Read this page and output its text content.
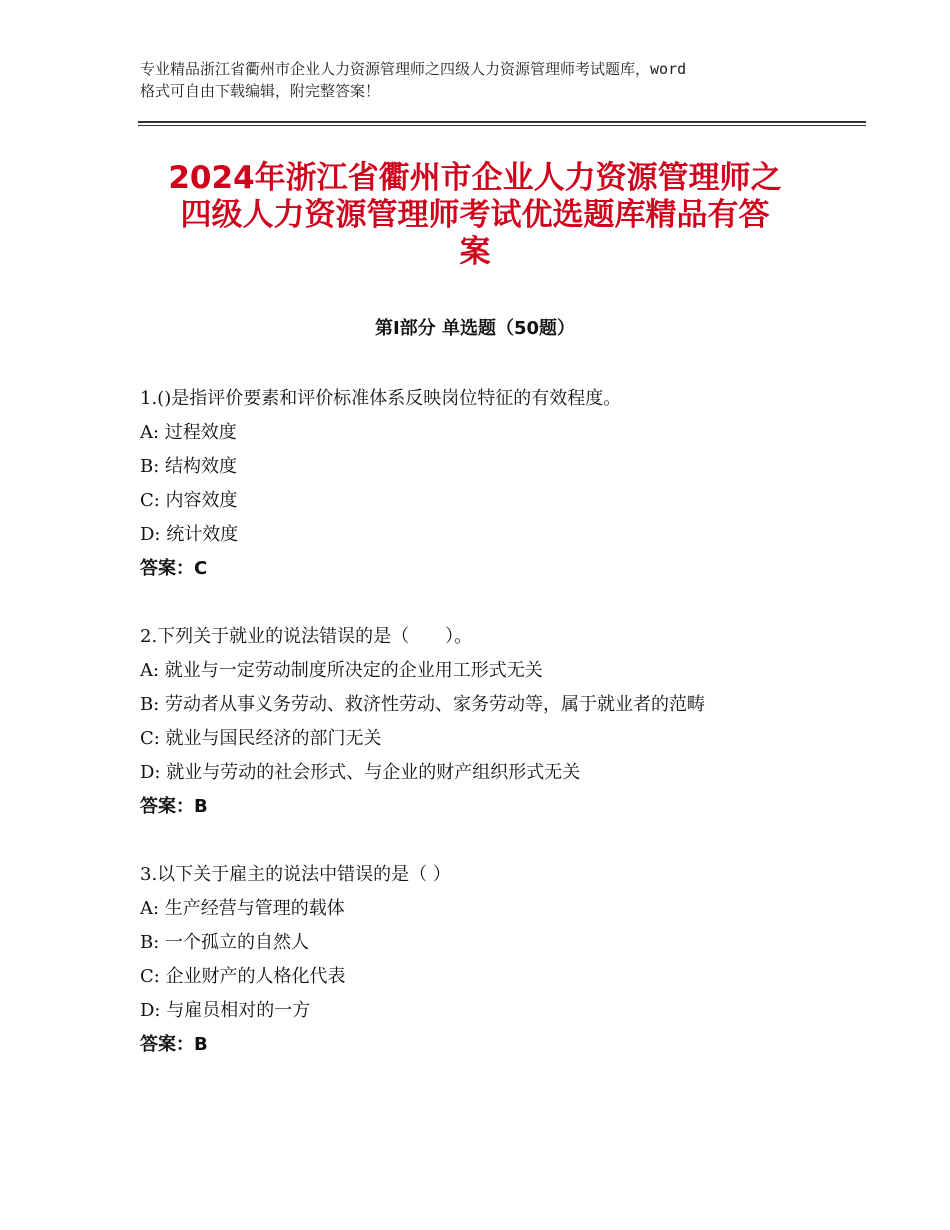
专业精品浙江省衢州市企业人力资源管理师之四级人力资源管理师考试题库，word
格式可自由下载编辑，附完整答案！
2024年浙江省衢州市企业人力资源管理师之
四级人力资源管理师考试优选题库精品有答
案
第Ⅰ部分 单选题（50题）

1.()是指评价要素和评价标准体系反映岗位特征的有效程度。

A: 过程效度

B: 结构效度

C: 内容效度

D: 统计效度

答案：C

2.下列关于就业的说法错误的是（　　）。

A: 就业与一定劳动制度所决定的企业用工形式无关

B: 劳动者从事义务劳动、救济性劳动、家务劳动等，属于就业者的范畴

C: 就业与国民经济的部门无关

D: 就业与劳动的社会形式、与企业的财产组织形式无关

答案：B

3.以下关于雇主的说法中错误的是（ ）

A: 生产经营与管理的载体

B: 一个孤立的自然人

C: 企业财产的人格化代表

D: 与雇员相对的一方

答案：B
